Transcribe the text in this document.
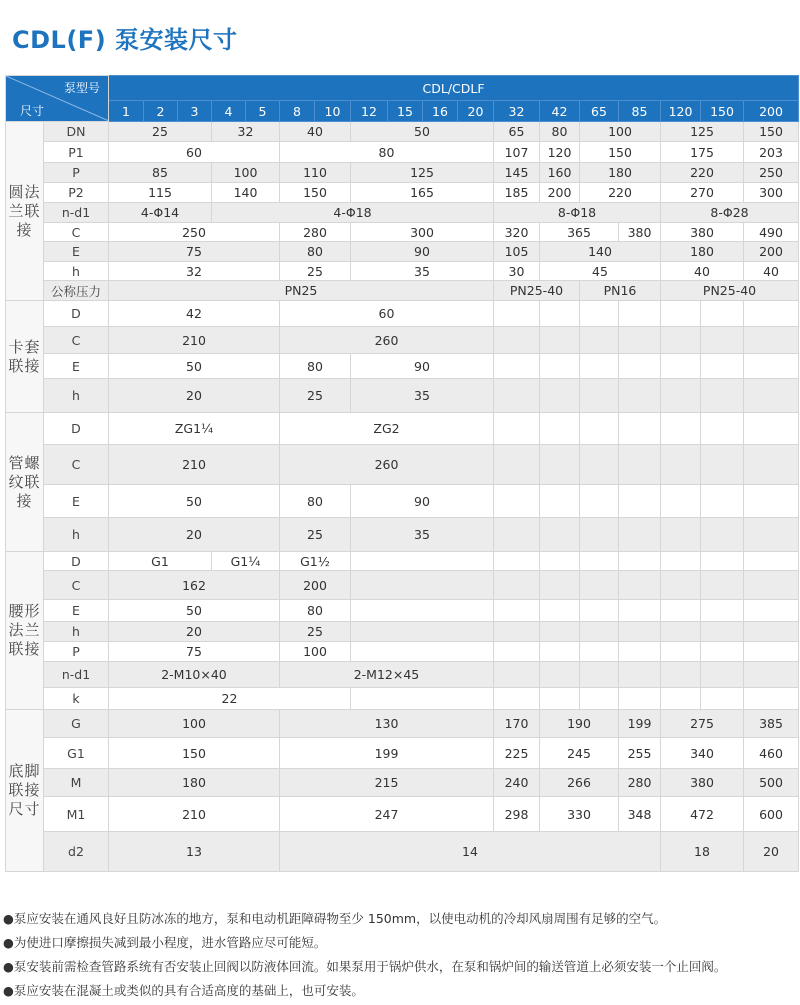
CDL(F) 泵安装尺寸
泵型号
尺寸		CDL/CDLF																	
		1	2	3	4	5	8	10	12	15	16	20	32	42	65	85	120	150	200

圆法兰联接	DN	25			32		40		50				65	80	100		125		150
	P1	60					80						107	120	150		175		203
	P	85			100		110		125				145	160	180		220		250
	P2	115			140		150		165				185	200	220		270		300
	n-d1	4-Φ14			4-Φ18								8-Φ18				8-Φ28		
	C	250					280		300				320	365		380	380		490
	E	75					80		90				105	140			180		200
	h	32					25		35				30	45			40		40
	公称压力	PN25											PN25-40		PN16		PN25-40		

卡套联接	D	42					60												
	C	210					260												
	E	50					80		90										
	h	20					25		35										

管螺纹联接	D	ZG1¼					ZG2												
	C	210					260												
	E	50					80		90										
	h	20					25		35										

腰形法兰联接	D	G1			G1¼		G1½												
	C	162					200												
	E	50					80												
	h	20					25												
	P	75					100												
	n-d1	2-M10×40					2-M12×45												
	k	22																	

底脚联接尺寸	G	100					130						170	190		199	275		385
	G1	150					199						225	245		255	340		460
	M	180					215						240	266		280	380		500
	M1	210					247						298	330		348	472		600
	d2	13					14										18		20
●泵应安装在通风良好且防冰冻的地方，泵和电动机距障碍物至少 150mm，以使电动机的冷却风扇周围有足够的空气。
●为使进口摩擦损失减到最小程度，进水管路应尽可能短。
●泵安装前需检查管路系统有否安装止回阀以防液体回流。如果泵用于锅炉供水，在泵和锅炉间的输送管道上必须安装一个止回阀。
●泵应安装在混凝土或类似的具有合适高度的基础上，也可安装。
